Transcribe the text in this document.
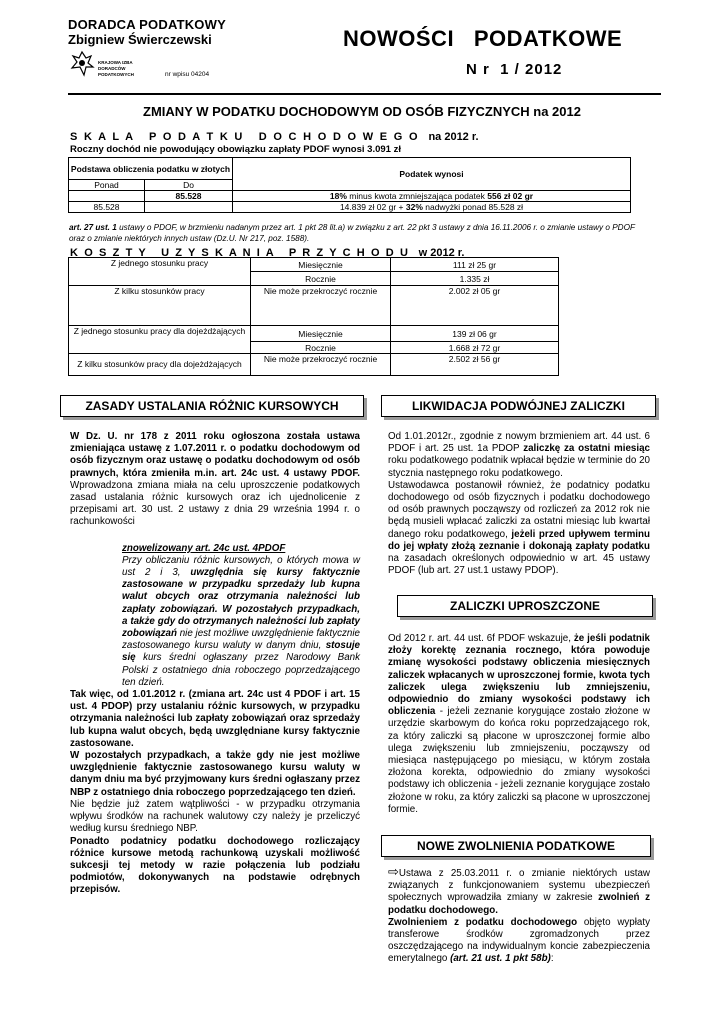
DORADCA PODATKOWY
Zbigniew Świerczewski
KRAJOWA IZBA
DORADCÓW
PODATKOWYCH	nr wpisu 04204
NOWOŚCI   PODATKOWE
N r  1 / 2012
ZMIANY W PODATKU DOCHODOWYM OD OSÓB FIZYCZNYCH na 2012
S K A L A   P O D A T K U   D O C H O D O W E G O na 2012 r.
Roczny dochód nie powodujący obowiązku zapłaty PDOF wynosi 3.091 zł
Podstawa obliczenia podatku w złotych		Podatek wynosi
Ponad	Do	
	85.528	18% minus kwota zmniejszająca podatek 556 zł 02 gr
85.528		14.839 zł 02 gr + 32% nadwyżki ponad 85.528 zł
art. 27 ust. 1 ustawy o PDOF, w brzmieniu nadanym przez art. 1 pkt 28 lit.a) w związku z art. 22 pkt 3 ustawy z dnia 16.11.2006 r. o zmianie ustawy o PDOF oraz o zmianie niektórych innych ustaw (Dz.U. Nr 217, poz. 1588).
K O S Z T Y   U Z Y S K A N I A   P R Z Y C H O D U w 2012 r.
Z jednego stosunku pracy	Miesięcznie	111 zł 25 gr	
	Rocznie	1.335 zł	
Z kilku stosunków pracy	Nie może przekroczyć rocznie	2.002 zł 05 gr	
Z jednego stosunku pracy dla dojeżdżających	Miesięcznie	139 zł 06 gr	
	Rocznie	1.668 zł 72 gr	
Z kilku stosunków pracy dla dojeżdżających	Nie może przekroczyć rocznie	2.502 zł 56 gr	
ZASADY USTALANIA RÓŻNIC KURSOWYCH
W Dz. U. nr 178 z 2011 roku ogłoszona została ustawa zmieniająca ustawę z 1.07.2011 r. o podatku dochodowym od osób fizycznym oraz ustawę o podatku dochodowym od osób prawnych, która zmieniła m.in. art. 24c ust. 4 ustawy PDOF. Wprowadzona zmiana miała na celu uproszczenie podatkowych zasad ustalania różnic kursowych oraz ich ujednolicenie z przepisami art. 30 ust. 2 ustawy z dnia 29 września 1994 r. o rachunkowości
znowelizowany art. 24c ust. 4PDOF
Przy obliczaniu różnic kursowych, o których mowa w ust 2 i 3, uwzględnia się kursy faktycznie zastosowane w przypadku sprzedaży lub kupna walut obcych oraz otrzymania należności lub zapłaty zobowiązań. W pozostałych przypadkach, a także gdy do otrzymanych należności lub zapłaty zobowiązań nie jest możliwe uwzględnienie faktycznie zastosowanego kursu waluty w danym dniu, stosuje się kurs średni ogłaszany przez Narodowy Bank Polski z ostatniego dnia roboczego poprzedzającego ten dzień.
Tak więc, od 1.01.2012 r. (zmiana art. 24c ust 4 PDOF i art. 15 ust. 4 PDOP) przy ustalaniu różnic kursowych, w przypadku otrzymania należności lub zapłaty zobowiązań oraz sprzedaży lub kupna walut obcych, będą uwzględniane kursy faktycznie zastosowane.
W pozostałych przypadkach, a także gdy nie jest możliwe uwzględnienie faktycznie zastosowanego kursu waluty w danym dniu ma być przyjmowany kurs średni ogłaszany przez NBP z ostatniego dnia roboczego poprzedzającego ten dzień.
Nie będzie już zatem wątpliwości - w przypadku otrzymania wpływu środków na rachunek walutowy czy należy je przeliczyć według kursu średniego NBP.
Ponadto podatnicy podatku dochodowego rozliczający różnice kursowe metodą rachunkową uzyskali możliwość sukcesji tej metody w razie połączenia lub podziału podmiotów, dokonywanych na podstawie odrębnych przepisów.
LIKWIDACJA PODWÓJNEJ ZALICZKI
Od 1.01.2012r., zgodnie z nowym brzmieniem art. 44 ust. 6 PDOF i art. 25 ust. 1a PDOP zaliczkę za ostatni miesiąc roku podatkowego podatnik wpłacał będzie w terminie do 20 stycznia następnego roku podatkowego.
Ustawodawca postanowił również, że podatnicy podatku dochodowego od osób fizycznych i podatku dochodowego od osób prawnych począwszy od rozliczeń za 2012 rok nie będą musieli wpłacać zaliczki za ostatni miesiąc lub kwartał danego roku podatkowego, jeżeli przed upływem terminu do jej wpłaty złożą zeznanie i dokonają zapłaty podatku na zasadach określonych odpowiednio w art. 45 ustawy PDOF (lub art. 27 ust.1 ustawy PDOP).
ZALICZKI UPROSZCZONE
Od 2012 r. art. 44 ust. 6f PDOF wskazuje, że jeśli podatnik złoży korektę zeznania rocznego, która powoduje zmianę wysokości podstawy obliczenia miesięcznych zaliczek wpłacanych w uproszczonej formie, kwota tych zaliczek ulega zwiększeniu lub zmniejszeniu, odpowiednio do zmiany wysokości podstawy ich obliczenia - jeżeli zeznanie korygujące zostało złożone w urzędzie skarbowym do końca roku poprzedzającego rok, za który zaliczki są płacone w uproszczonej formie albo ulega zwiększeniu lub zmniejszeniu, począwszy od miesiąca następującego po miesiącu, w którym została złożona korekta, odpowiednio do zmiany wysokości podstawy ich obliczenia - jeżeli zeznanie korygujące zostało złożone w roku, za który zaliczki są płacone w uproszczonej formie.
NOWE ZWOLNIENIA PODATKOWE
⇨Ustawa z 25.03.2011 r. o zmianie niektórych ustaw związanych z funkcjonowaniem systemu ubezpieczeń społecznych wprowadziła zmiany w zakresie zwolnień z podatku dochodowego.
Zwolnieniem z podatku dochodowego objęto wypłaty transferowe środków zgromadzonych przez oszczędzającego na indywidualnym koncie zabezpieczenia emerytalnego (art. 21 ust. 1 pkt 58b):
